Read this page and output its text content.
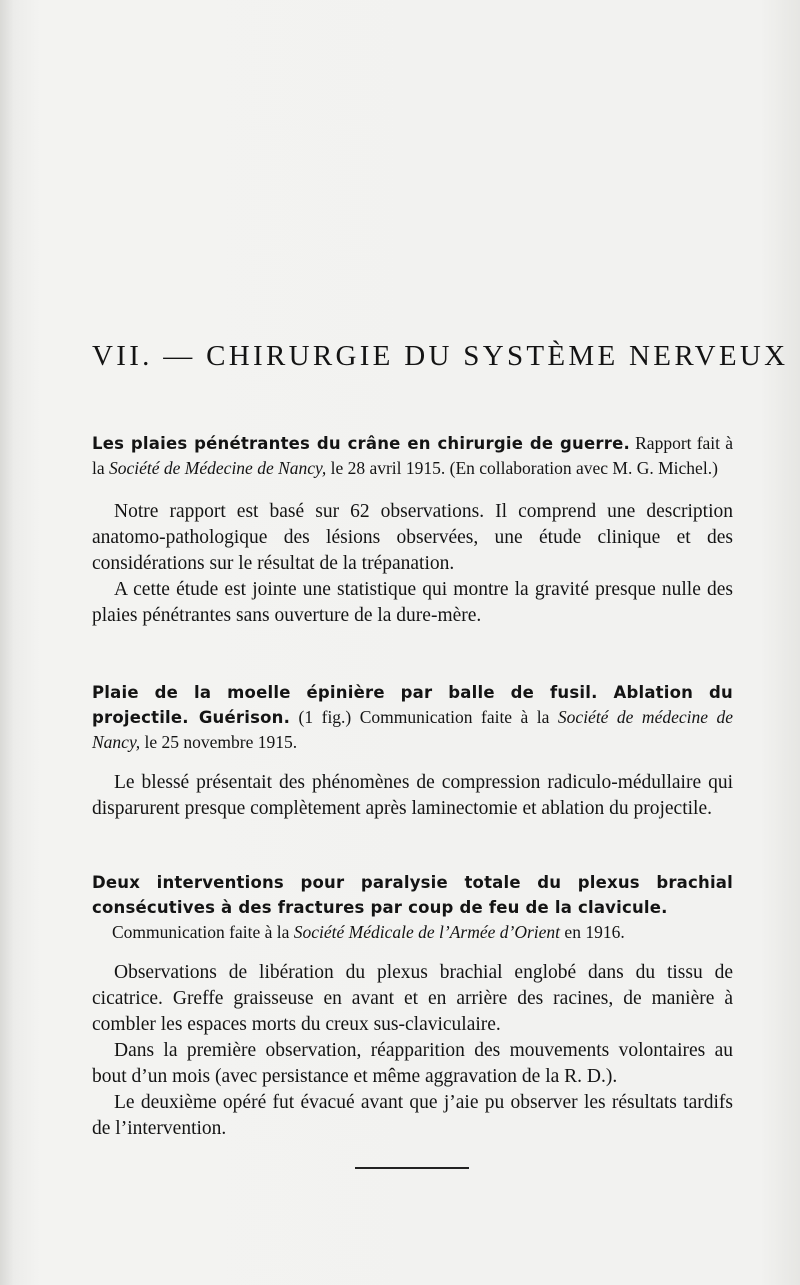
VII. — CHIRURGIE DU SYSTÈME NERVEUX

Les plaies pénétrantes du crâne en chirurgie de guerre. Rapport fait à la Société de Médecine de Nancy, le 28 avril 1915. (En collaboration avec M. G. Michel.)

Notre rapport est basé sur 62 observations. Il comprend une description anatomo-pathologique des lésions observées, une étude clinique et des considérations sur le résultat de la trépanation.

A cette étude est jointe une statistique qui montre la gravité presque nulle des plaies pénétrantes sans ouverture de la dure-mère.

Plaie de la moelle épinière par balle de fusil. Ablation du projectile. Guérison. (1 fig.) Communication faite à la Société de médecine de Nancy, le 25 novembre 1915.

Le blessé présentait des phénomènes de compression radiculo-médullaire qui disparurent presque complètement après laminectomie et ablation du projectile.

Deux interventions pour paralysie totale du plexus brachial consécutives à des fractures par coup de feu de la clavicule.
Communication faite à la Société Médicale de l’Armée d’Orient en 1916.

Observations de libération du plexus brachial englobé dans du tissu de cicatrice. Greffe graisseuse en avant et en arrière des racines, de manière à combler les espaces morts du creux sus-claviculaire.

Dans la première observation, réapparition des mouvements volontaires au bout d’un mois (avec persistance et même aggravation de la R. D.).

Le deuxième opéré fut évacué avant que j’aie pu observer les résultats tardifs de l’intervention.
